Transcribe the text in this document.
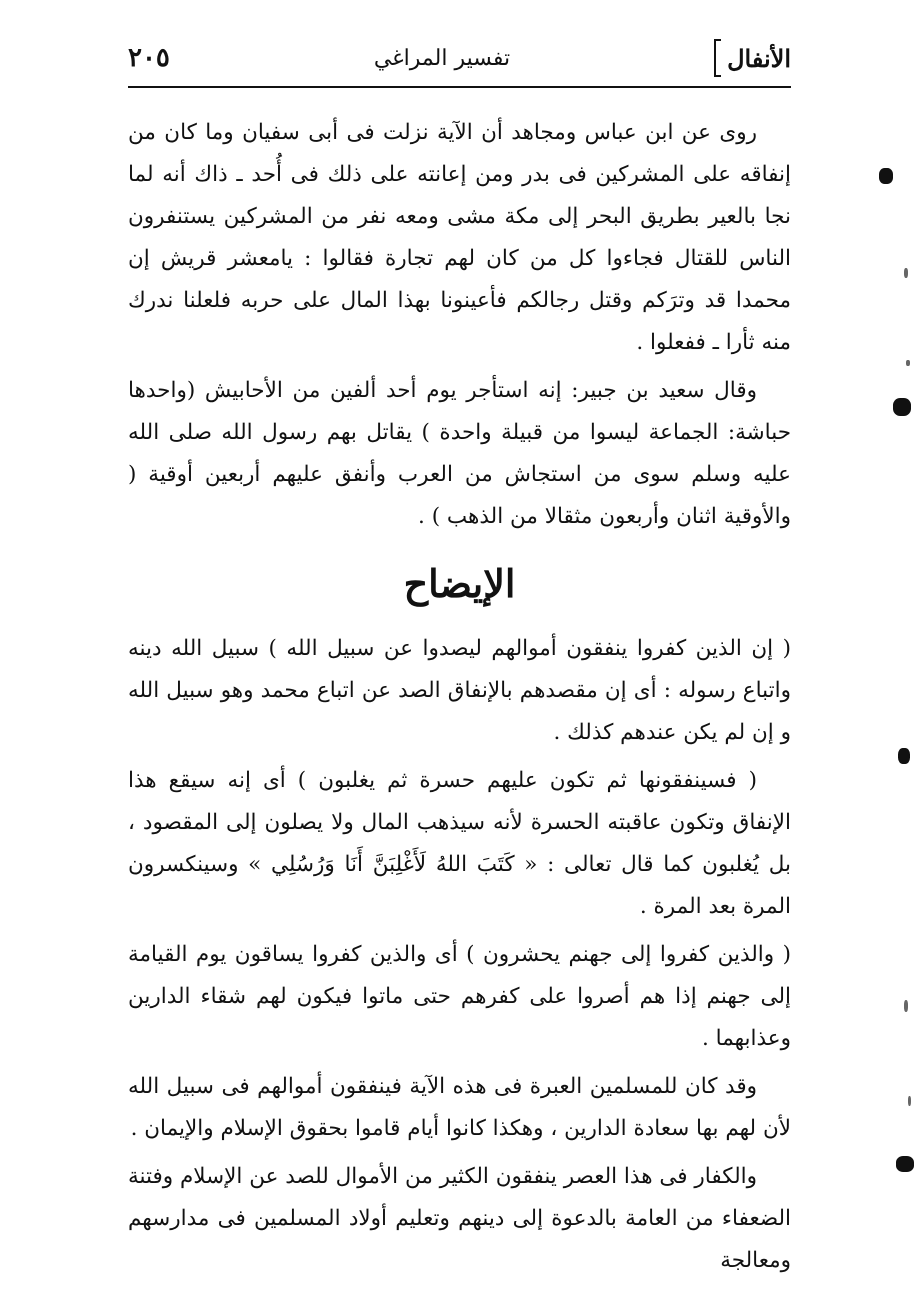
الأنفال
تفسير المراغي
٢٠٥

روى عن ابن عباس ومجاهد أن الآية نزلت فى أبى سفيان وما كان من إنفاقه على المشركين فى بدر ومن إعانته على ذلك فى أُحد ـ ذاك أنه لما نجا بالعير بطريق البحر إلى مكة مشى ومعه نفر من المشركين يستنفرون الناس للقتال فجاءوا كل من كان لهم تجارة فقالوا : يامعشر قريش إن محمدا قد وترَكم وقتل رجالكم فأعينونا بهذا المال على حربه فلعلنا ندرك منه ثأرا ـ ففعلوا .

وقال سعيد بن جبير: إنه استأجر يوم أحد ألفين من الأحابيش (واحدها حباشة: الجماعة ليسوا من قبيلة واحدة ) يقاتل بهم رسول الله صلى الله عليه وسلم سوى من استجاش من العرب وأنفق عليهم أربعين أوقية ( والأوقية اثنان وأربعون مثقالا من الذهب ) .

الإيضاح

( إن الذين كفروا ينفقون أموالهم ليصدوا عن سبيل الله ) سبيل الله دينه واتباع رسوله : أى إن مقصدهم بالإنفاق الصد عن اتباع محمد وهو سبيل الله و إن لم يكن عندهم كذلك .

( فسينفقونها ثم تكون عليهم حسرة ثم يغلبون ) أى إنه سيقع هذا الإنفاق وتكون عاقبته الحسرة لأنه سيذهب المال ولا يصلون إلى المقصود ، بل يُغلبون كما قال تعالى : « كَتَبَ اللهُ لَأَغْلِبَنَّ أَنَا وَرُسُلِي » وسينكسرون المرة بعد المرة .

( والذين كفروا إلى جهنم يحشرون ) أى والذين كفروا يساقون يوم القيامة إلى جهنم إذا هم أصروا على كفرهم حتى ماتوا فيكون لهم شقاء الدارين وعذابهما .

وقد كان للمسلمين العبرة فى هذه الآية فينفقون أموالهم فى سبيل الله لأن لهم بها سعادة الدارين ، وهكذا كانوا أيام قاموا بحقوق الإسلام والإيمان .

والكفار فى هذا العصر ينفقون الكثير من الأموال للصد عن الإسلام وفتنة الضعفاء من العامة بالدعوة إلى دينهم وتعليم أولاد المسلمين فى مدارسهم ومعالجة
